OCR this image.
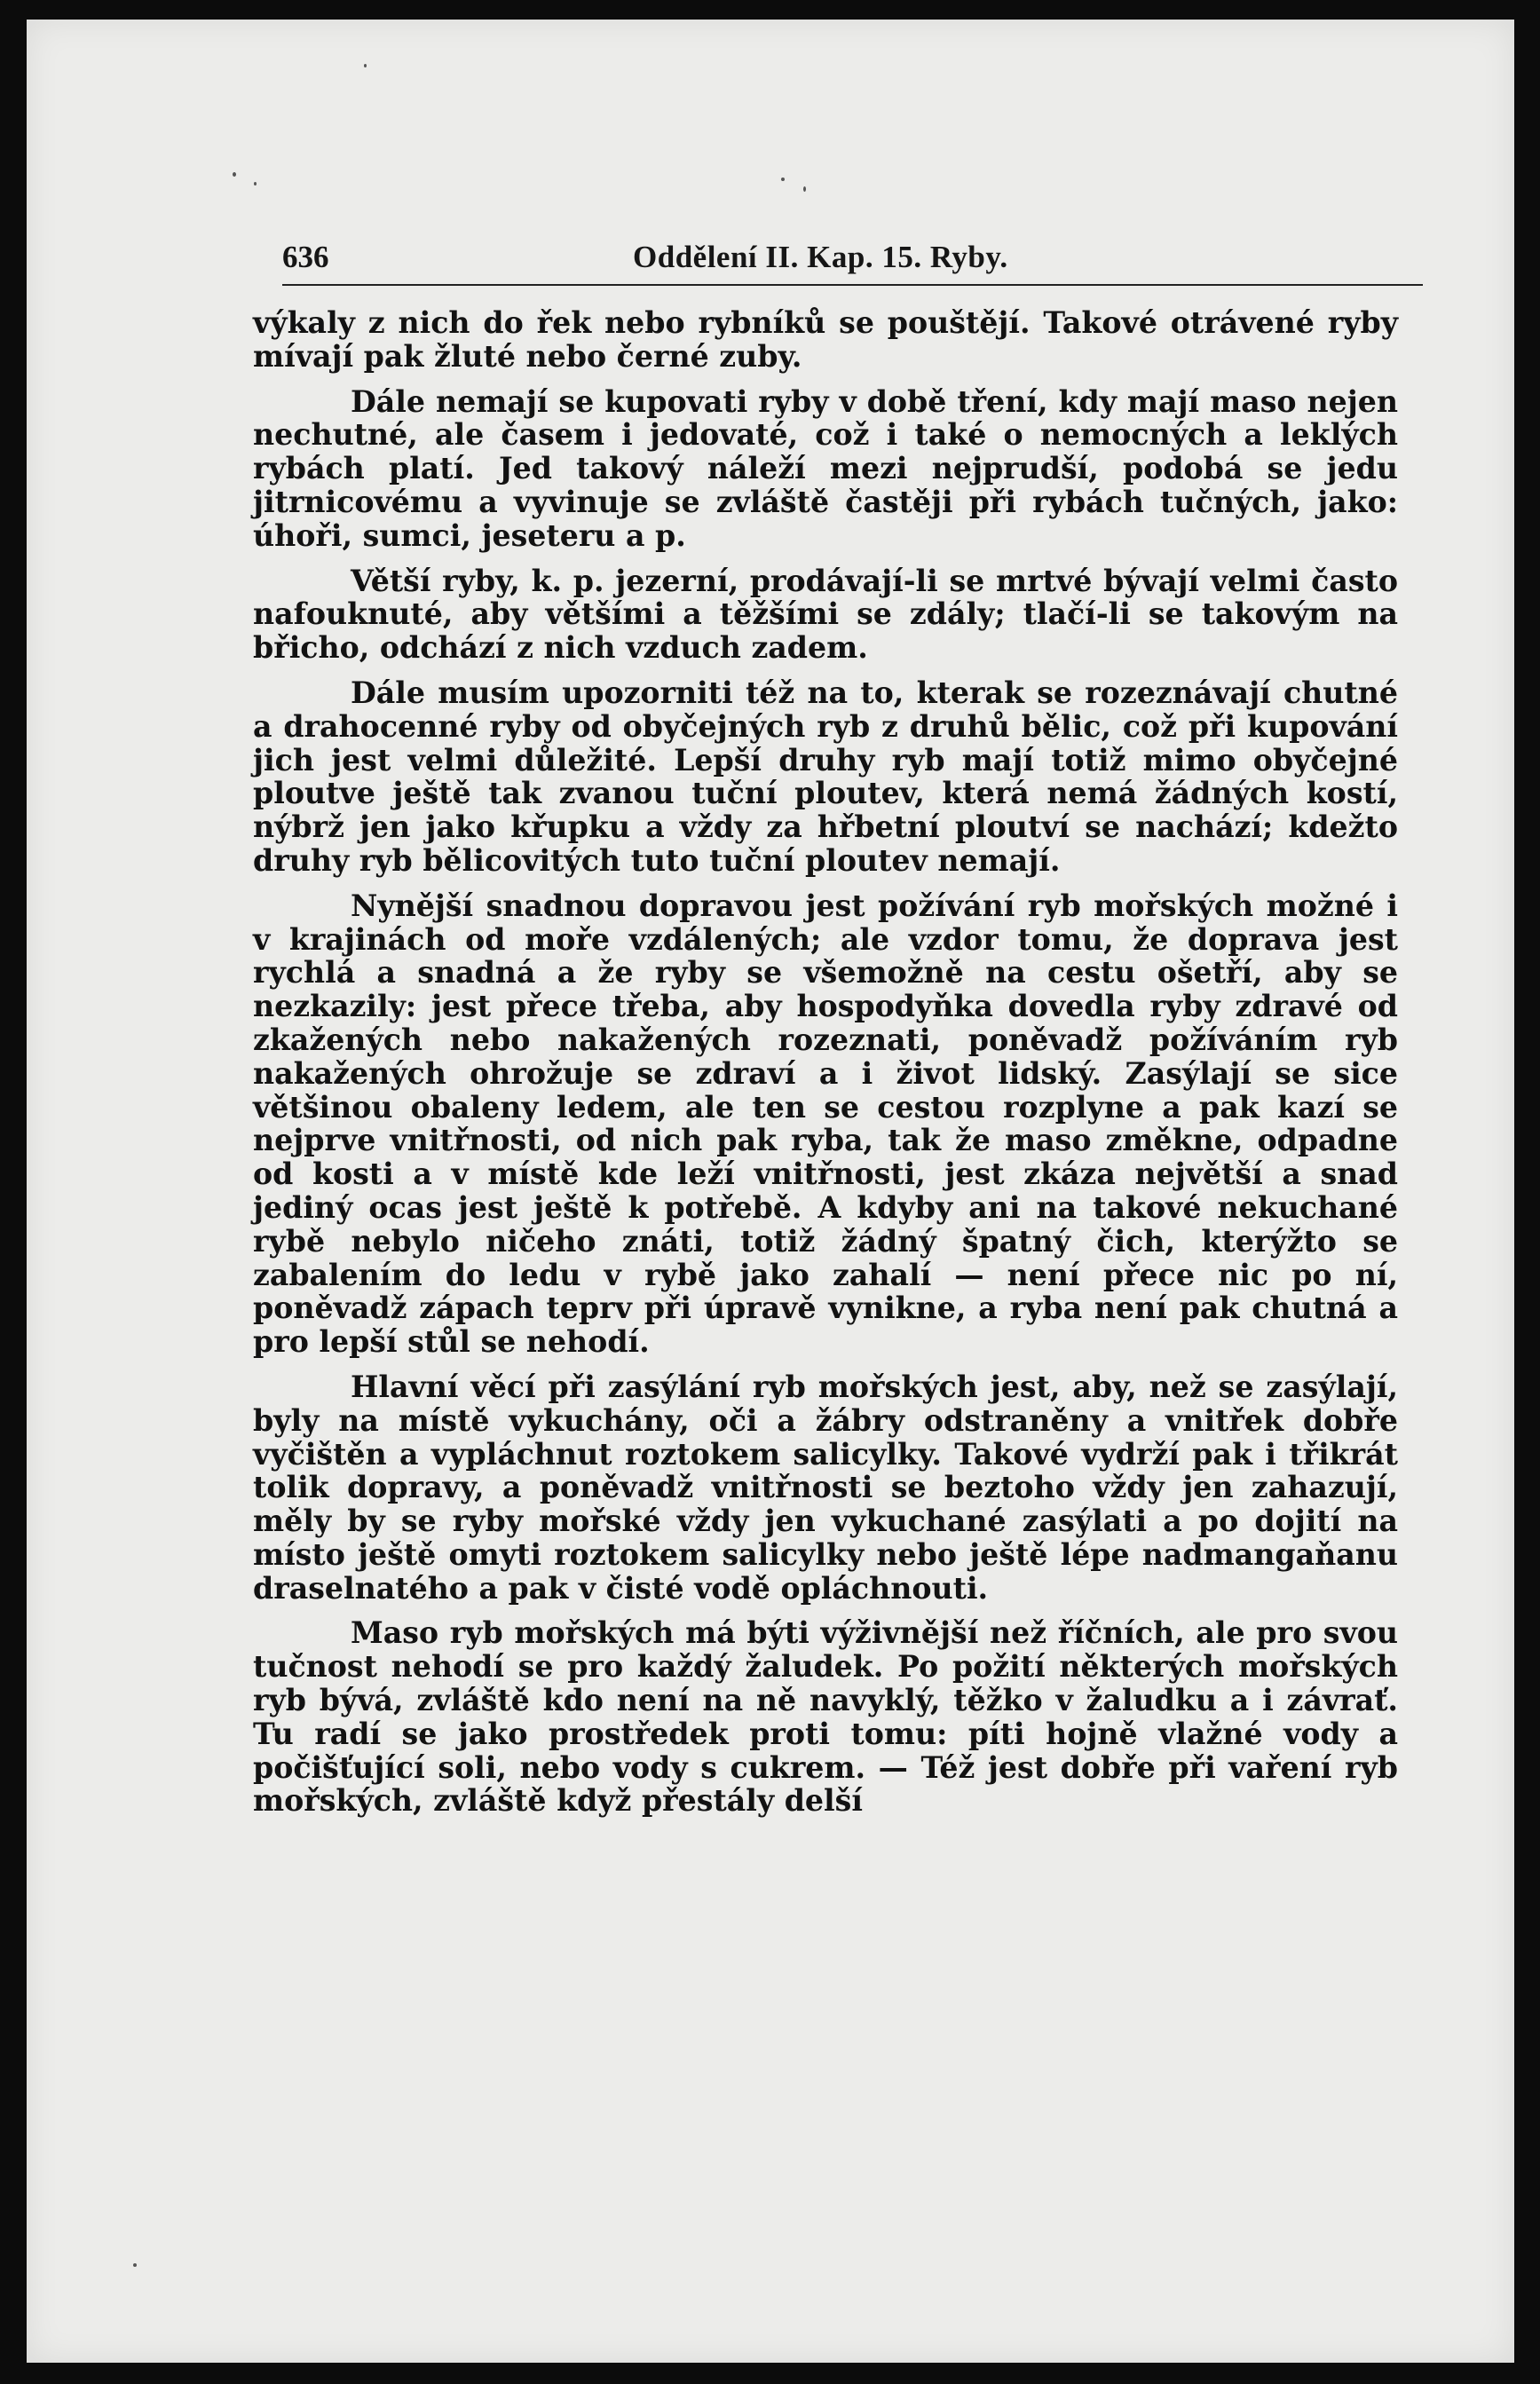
636	Oddělení II. Kap. 15. Ryby.

výkaly z nich do řek nebo rybníků se pouštějí. Takové otrávené ryby mívají pak žluté nebo černé zuby.

Dále nemají se kupovati ryby v době tření, kdy mají maso nejen nechutné, ale časem i jedovaté, což i také o nemocných a leklých rybách platí. Jed takový náleží mezi nejprudší, podobá se jedu jitrnicovému a vyvinuje se zvláště častěji při rybách tučných, jako: úhoři, sumci, jeseteru a p.

Větší ryby, k. p. jezerní, prodávají-li se mrtvé bývají velmi často nafouknuté, aby většími a těžšími se zdály; tlačí-li se takovým na břicho, odchází z nich vzduch zadem.

Dále musím upozorniti též na to, kterak se rozeznávají chutné a drahocenné ryby od obyčejných ryb z druhů bělic, což při kupování jich jest velmi důležité. Lepší druhy ryb mají totiž mimo obyčejné ploutve ještě tak zvanou tuční ploutev, která nemá žádných kostí, nýbrž jen jako křupku a vždy za hřbetní ploutví se nachází; kdežto druhy ryb bělicovitých tuto tuční ploutev nemají.

Nynější snadnou dopravou jest požívání ryb mořských možné i v krajinách od moře vzdálených; ale vzdor tomu, že doprava jest rychlá a snadná a že ryby se všemožně na cestu ošetří, aby se nezkazily: jest přece třeba, aby hospodyňka dovedla ryby zdravé od zkažených nebo nakažených rozeznati, poněvadž požíváním ryb nakažených ohrožuje se zdraví a i život lidský. Zasýlají se sice většinou obaleny ledem, ale ten se cestou rozplyne a pak kazí se nejprve vnitřnosti, od nich pak ryba, tak že maso změkne, odpadne od kosti a v místě kde leží vnitřnosti, jest zkáza největší a snad jediný ocas jest ještě k potřebě. A kdyby ani na takové nekuchané rybě nebylo ničeho znáti, totiž žádný špatný čich, kterýžto se zabalením do ledu v rybě jako zahalí — není přece nic po ní, poněvadž zápach teprv při úpravě vynikne, a ryba není pak chutná a pro lepší stůl se nehodí.

Hlavní věcí při zasýlání ryb mořských jest, aby, než se zasýlají, byly na místě vykuchány, oči a žábry odstraněny a vnitřek dobře vyčištěn a vypláchnut roztokem salicylky. Takové vydrží pak i třikrát tolik dopravy, a poněvadž vnitřnosti se beztoho vždy jen zahazují, měly by se ryby mořské vždy jen vykuchané zasýlati a po dojití na místo ještě omyti roztokem salicylky nebo ještě lépe nadmangaňanu draselnatého a pak v čisté vodě opláchnouti.

Maso ryb mořských má býti výživnější než říčních, ale pro svou tučnost nehodí se pro každý žaludek. Po požití některých mořských ryb bývá, zvláště kdo není na ně navyklý, těžko v žaludku a i závrať. Tu radí se jako prostředek proti tomu: píti hojně vlažné vody a počišťující soli, nebo vody s cukrem. — Též jest dobře při vaření ryb mořských, zvláště když přestály delší
